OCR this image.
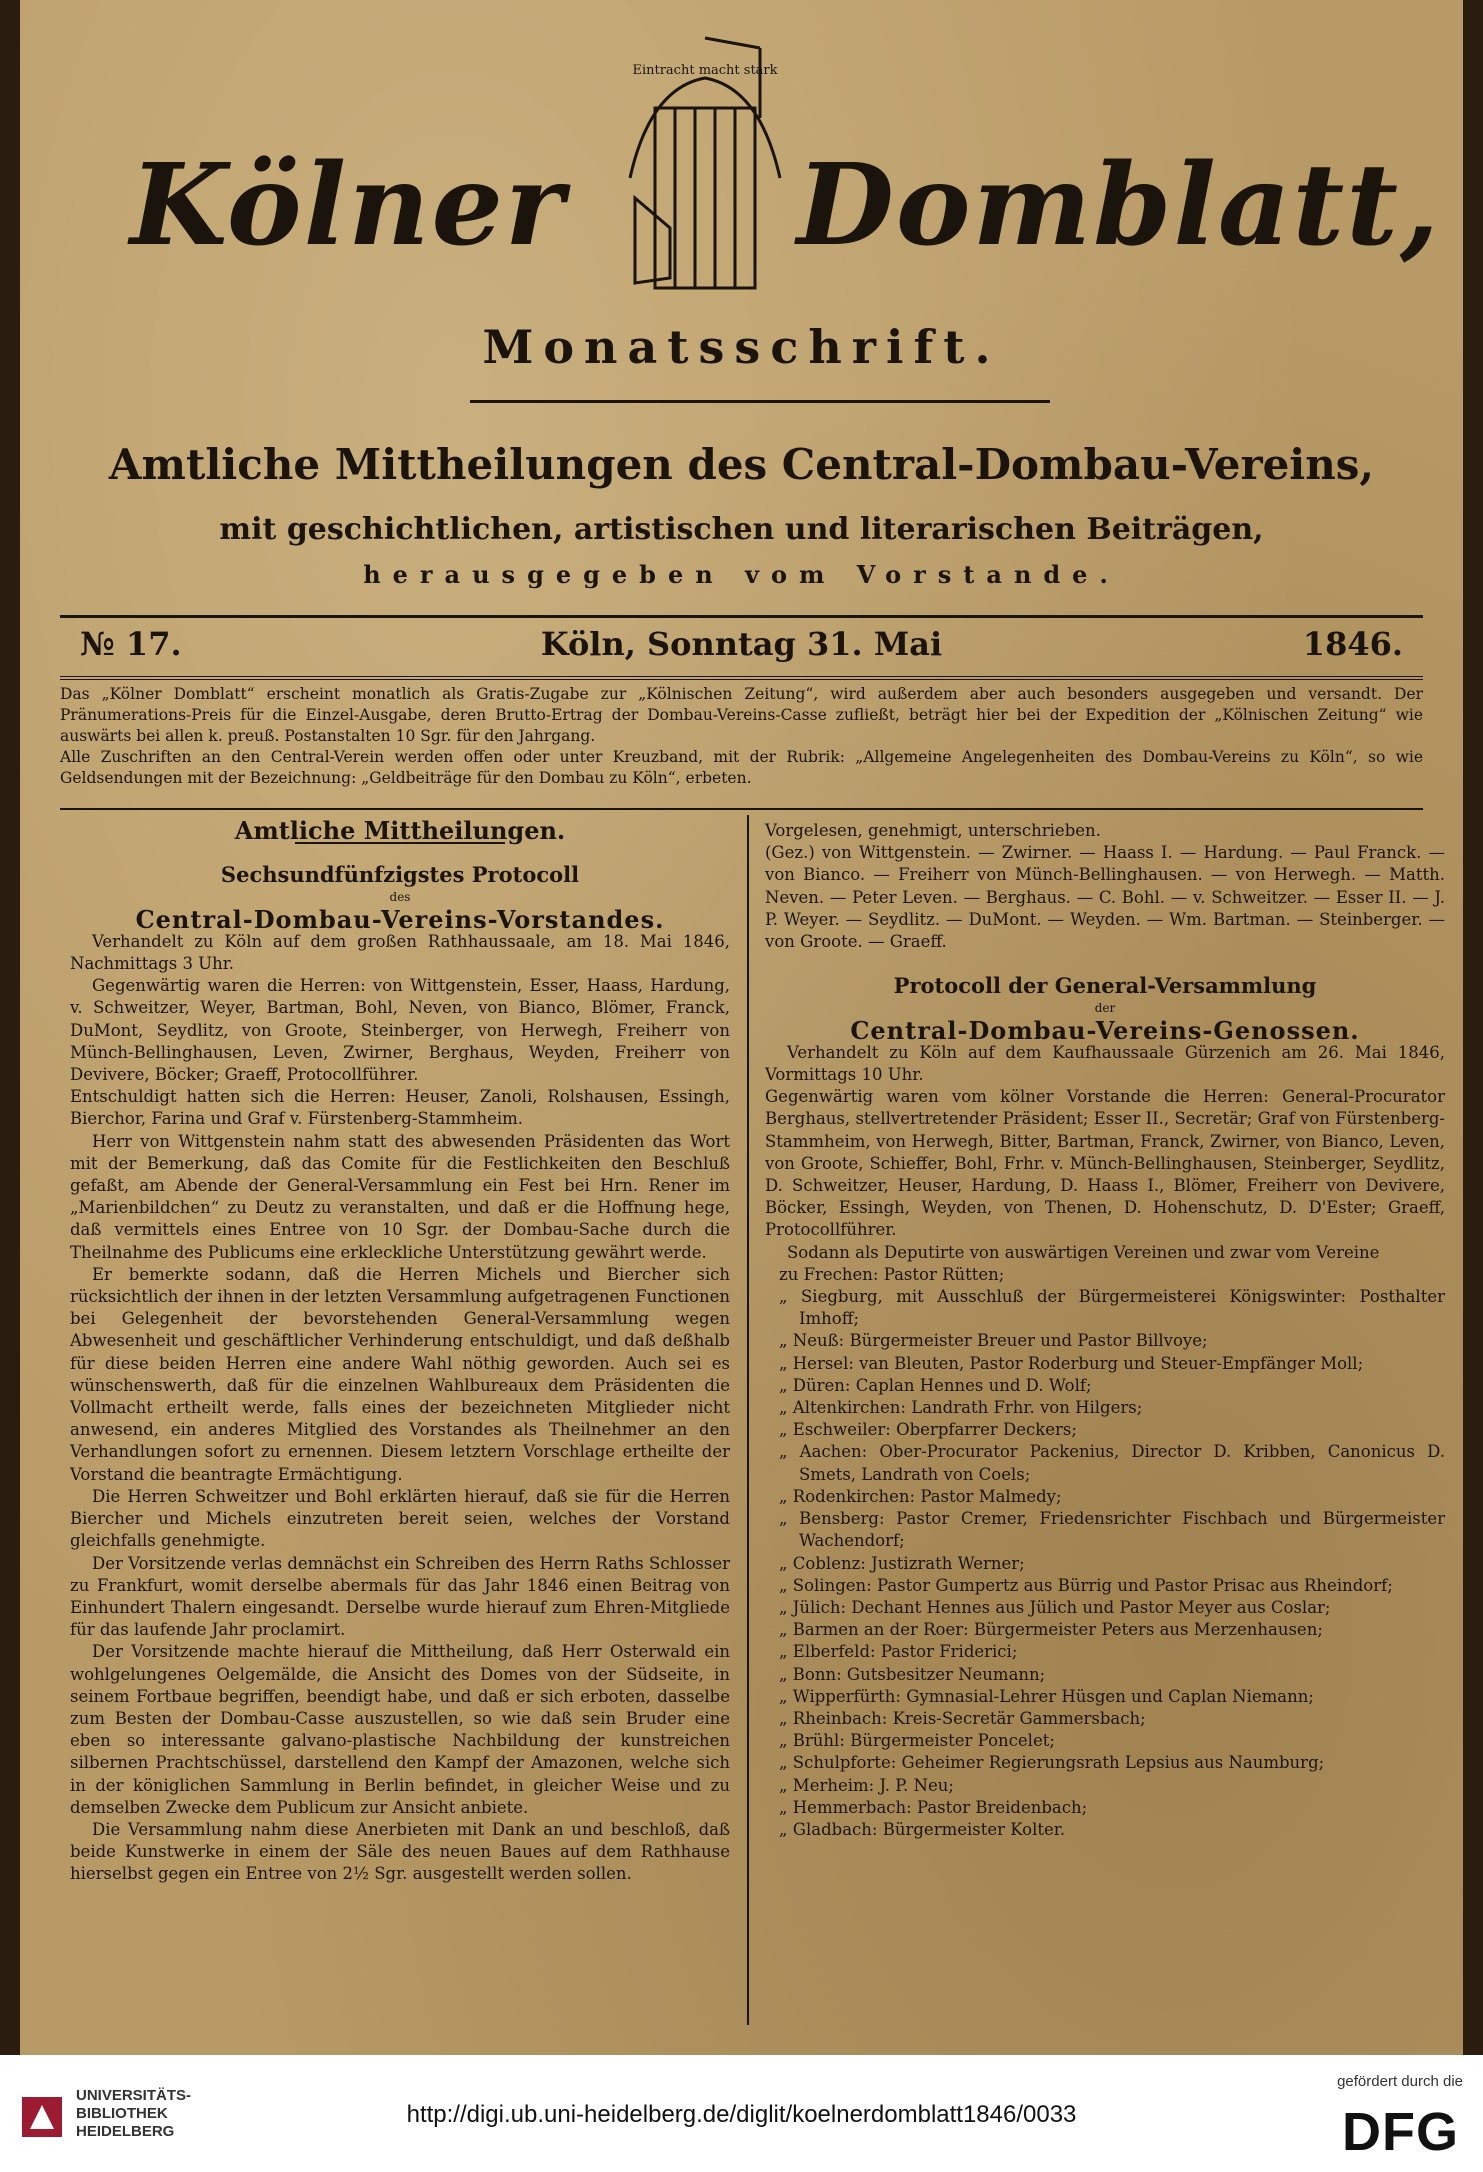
Kölner
Eintracht macht stark
Domblatt,
Monatsschrift.
Amtliche Mittheilungen des Central-Dombau-Vereins,
mit geschichtlichen, artistischen und literarischen Beiträgen,
herausgegeben vom Vorstande.
Köln, Sonntag 31. Mai
№ 17.	1846.

Das „Kölner Domblatt“ erscheint monatlich als Gratis-Zugabe zur „Kölnischen Zeitung“, wird außerdem aber auch besonders ausgegeben und versandt. Der Pränumerations-Preis für die Einzel-Ausgabe, deren Brutto-Ertrag der Dombau-Vereins-Casse zufließt, beträgt hier bei der Expedition der „Kölnischen Zeitung“ wie auswärts bei allen k. preuß. Postanstalten 10 Sgr. für den Jahrgang.

Alle Zuschriften an den Central-Verein werden offen oder unter Kreuzband, mit der Rubrik: „Allgemeine Angelegenheiten des Dombau-Vereins zu Köln“, so wie Geldsendungen mit der Bezeichnung: „Geldbeiträge für den Dombau zu Köln“, erbeten.

Amtliche Mittheilungen.

Sechsundfünfzigstes Protocoll

des

Central-Dombau-Vereins-Vorstandes.

Verhandelt zu Köln auf dem großen Rathhaussaale, am 18. Mai 1846, Nachmittags 3 Uhr.

Gegenwärtig waren die Herren: von Wittgenstein, Esser, Haass, Hardung, v. Schweitzer, Weyer, Bartman, Bohl, Neven, von Bianco, Blömer, Franck, DuMont, Seydlitz, von Groote, Steinberger, von Herwegh, Freiherr von Münch-Bellinghausen, Leven, Zwirner, Berghaus, Weyden, Freiherr von Devivere, Böcker; Graeff, Protocollführer.

Entschuldigt hatten sich die Herren: Heuser, Zanoli, Rolshausen, Essingh, Bierchor, Farina und Graf v. Fürstenberg-Stammheim.

Herr von Wittgenstein nahm statt des abwesenden Präsidenten das Wort mit der Bemerkung, daß das Comite für die Festlichkeiten den Beschluß gefaßt, am Abende der General-Versammlung ein Fest bei Hrn. Rener im „Marienbildchen“ zu Deutz zu veranstalten, und daß er die Hoffnung hege, daß vermittels eines Entree von 10 Sgr. der Dombau-Sache durch die Theilnahme des Publicums eine erkleckliche Unterstützung gewährt werde.

Er bemerkte sodann, daß die Herren Michels und Biercher sich rücksichtlich der ihnen in der letzten Versammlung aufgetragenen Functionen bei Gelegenheit der bevorstehenden General-Versammlung wegen Abwesenheit und geschäftlicher Verhinderung entschuldigt, und daß deßhalb für diese beiden Herren eine andere Wahl nöthig geworden. Auch sei es wünschenswerth, daß für die einzelnen Wahlbureaux dem Präsidenten die Vollmacht ertheilt werde, falls eines der bezeichneten Mitglieder nicht anwesend, ein anderes Mitglied des Vorstandes als Theilnehmer an den Verhandlungen sofort zu ernennen. Diesem letztern Vorschlage ertheilte der Vorstand die beantragte Ermächtigung.

Die Herren Schweitzer und Bohl erklärten hierauf, daß sie für die Herren Biercher und Michels einzutreten bereit seien, welches der Vorstand gleichfalls genehmigte.

Der Vorsitzende verlas demnächst ein Schreiben des Herrn Raths Schlosser zu Frankfurt, womit derselbe abermals für das Jahr 1846 einen Beitrag von Einhundert Thalern eingesandt. Derselbe wurde hierauf zum Ehren-Mitgliede für das laufende Jahr proclamirt.

Der Vorsitzende machte hierauf die Mittheilung, daß Herr Osterwald ein wohlgelungenes Oelgemälde, die Ansicht des Domes von der Südseite, in seinem Fortbaue begriffen, beendigt habe, und daß er sich erboten, dasselbe zum Besten der Dombau-Casse auszustellen, so wie daß sein Bruder eine eben so interessante galvano-plastische Nachbildung der kunstreichen silbernen Prachtschüssel, darstellend den Kampf der Amazonen, welche sich in der königlichen Sammlung in Berlin befindet, in gleicher Weise und zu demselben Zwecke dem Publicum zur Ansicht anbiete.

Die Versammlung nahm diese Anerbieten mit Dank an und beschloß, daß beide Kunstwerke in einem der Säle des neuen Baues auf dem Rathhause hierselbst gegen ein Entree von 2½ Sgr. ausgestellt werden sollen.

Vorgelesen, genehmigt, unterschrieben.

(Gez.) von Wittgenstein. — Zwirner. — Haass I. — Hardung. — Paul Franck. — von Bianco. — Freiherr von Münch-Bellinghausen. — von Herwegh. — Matth. Neven. — Peter Leven. — Berghaus. — C. Bohl. — v. Schweitzer. — Esser II. — J. P. Weyer. — Seydlitz. — DuMont. — Weyden. — Wm. Bartman. — Steinberger. — von Groote. — Graeff.

Protocoll der General-Versammlung

der

Central-Dombau-Vereins-Genossen.

Verhandelt zu Köln auf dem Kaufhaussaale Gürzenich am 26. Mai 1846, Vormittags 10 Uhr.

Gegenwärtig waren vom kölner Vorstande die Herren: General-Procurator Berghaus, stellvertretender Präsident; Esser II., Secretär; Graf von Fürstenberg-Stammheim, von Herwegh, Bitter, Bartman, Franck, Zwirner, von Bianco, Leven, von Groote, Schieffer, Bohl, Frhr. v. Münch-Bellinghausen, Steinberger, Seydlitz, D. Schweitzer, Heuser, Hardung, D. Haass I., Blömer, Freiherr von Devivere, Böcker, Essingh, Weyden, von Thenen, D. Hohenschutz, D. D'Ester; Graeff, Protocollführer.

Sodann als Deputirte von auswärtigen Vereinen und zwar vom Vereine

zu Frechen: Pastor Rütten;
„ Siegburg, mit Ausschluß der Bürgermeisterei Königswinter: Posthalter Imhoff;
„ Neuß: Bürgermeister Breuer und Pastor Billvoye;
„ Hersel: van Bleuten, Pastor Roderburg und Steuer-Empfänger Moll;
„ Düren: Caplan Hennes und D. Wolf;
„ Altenkirchen: Landrath Frhr. von Hilgers;
„ Eschweiler: Oberpfarrer Deckers;
„ Aachen: Ober-Procurator Packenius, Director D. Kribben, Canonicus D. Smets, Landrath von Coels;
„ Rodenkirchen: Pastor Malmedy;
„ Bensberg: Pastor Cremer, Friedensrichter Fischbach und Bürgermeister Wachendorf;
„ Coblenz: Justizrath Werner;
„ Solingen: Pastor Gumpertz aus Bürrig und Pastor Prisac aus Rheindorf;
„ Jülich: Dechant Hennes aus Jülich und Pastor Meyer aus Coslar;
„ Barmen an der Roer: Bürgermeister Peters aus Merzenhausen;
„ Elberfeld: Pastor Friderici;
„ Bonn: Gutsbesitzer Neumann;
„ Wipperfürth: Gymnasial-Lehrer Hüsgen und Caplan Niemann;
„ Rheinbach: Kreis-Secretär Gammersbach;
„ Brühl: Bürgermeister Poncelet;
„ Schulpforte: Geheimer Regierungsrath Lepsius aus Naumburg;
„ Merheim: J. P. Neu;
„ Hemmerbach: Pastor Breidenbach;
„ Gladbach: Bürgermeister Kolter.
UNIVERSITÄTS-
BIBLIOTHEK
HEIDELBERG
http://digi.ub.uni-heidelberg.de/diglit/koelnerdomblatt1846/0033
gefördert durch die
DFG
